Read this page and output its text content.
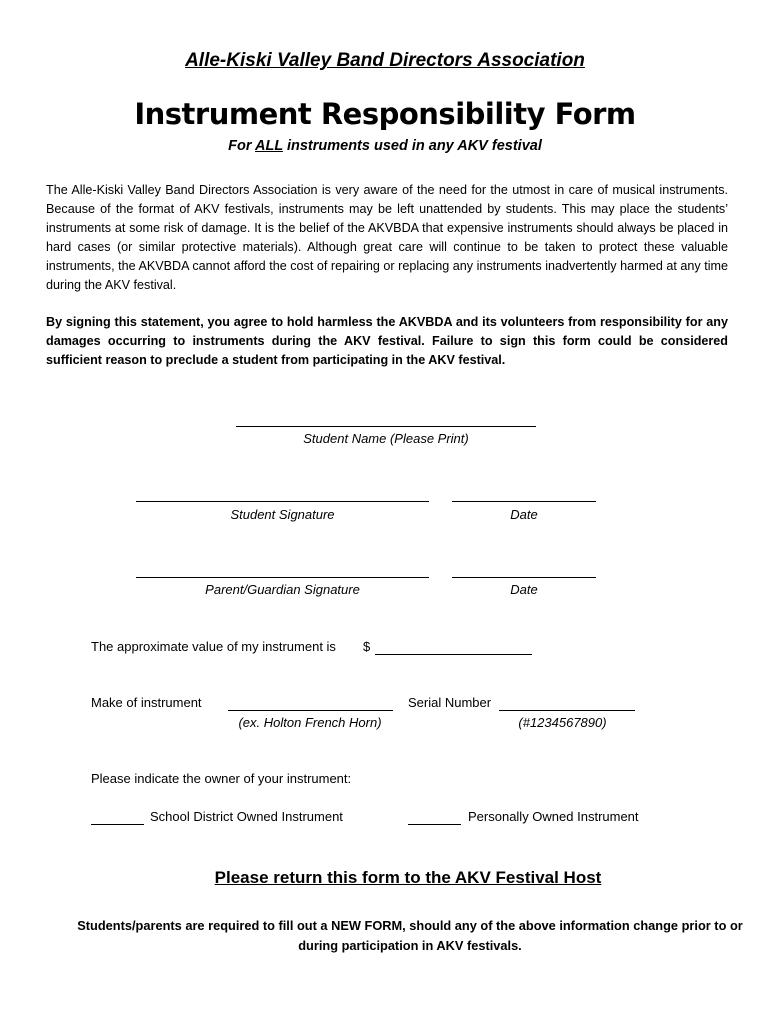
Alle-Kiski Valley Band Directors Association
Instrument Responsibility Form
For ALL instruments used in any AKV festival
The Alle-Kiski Valley Band Directors Association is very aware of the need for the utmost in care of musical instruments. Because of the format of AKV festivals, instruments may be left unattended by students. This may place the students’ instruments at some risk of damage. It is the belief of the AKVBDA that expensive instruments should always be placed in hard cases (or similar protective materials). Although great care will continue to be taken to protect these valuable instruments, the AKVBDA cannot afford the cost of repairing or replacing any instruments inadvertently harmed at any time during the AKV festival.
By signing this statement, you agree to hold harmless the AKVBDA and its volunteers from responsibility for any damages occurring to instruments during the AKV festival. Failure to sign this form could be considered sufficient reason to preclude a student from participating in the AKV festival.
Student Name (Please Print)
Student Signature	Date
Parent/Guardian Signature	Date
The approximate value of my instrument is $
Make of instrument
(ex. Holton French Horn)
Serial Number
(#1234567890)
Please indicate the owner of your instrument:
School District Owned Instrument	Personally Owned Instrument
Please return this form to the AKV Festival Host
Students/parents are required to fill out a NEW FORM, should any of the above information change prior to or during participation in AKV festivals.
